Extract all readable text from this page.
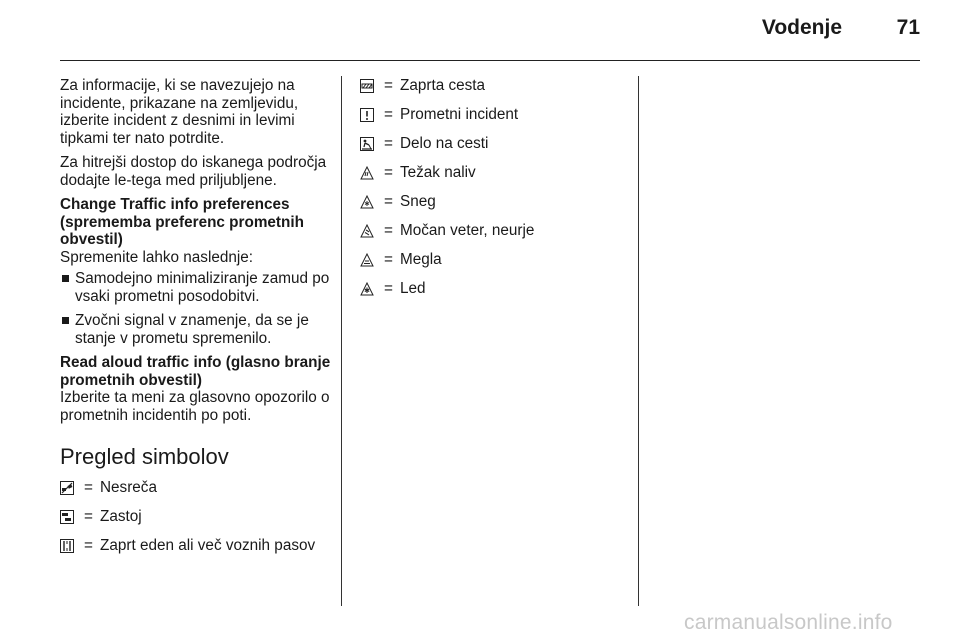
Vodenje	71

Za informacije, ki se navezujejo na incidente, prikazane na zemljevidu, izberite incident z desnimi in levimi tipkami ter nato potrdite.

Za hitrejši dostop do iskanega področja dodajte le-tega med priljubljene.

Change Traffic info preferences (sprememba preferenc prometnih obvestil)
Spremenite lahko naslednje:
Samodejno minimaliziranje zamud po vsaki prometni posodobitvi.
Zvočni signal v znamenje, da se je stanje v prometu spremenilo.
Read aloud traffic info (glasno branje prometnih obvestil)
Izberite ta meni za glasovno opozorilo o prometnih incidentih po poti.
Pregled simbolov
= Nesreča
= Zastoj
= Zaprt eden ali več voznih pasov
= Zaprta cesta
= Prometni incident
= Delo na cesti
= Težak naliv
= Sneg
= Močan veter, neurje
= Megla
= Led
carmanualsonline.info
